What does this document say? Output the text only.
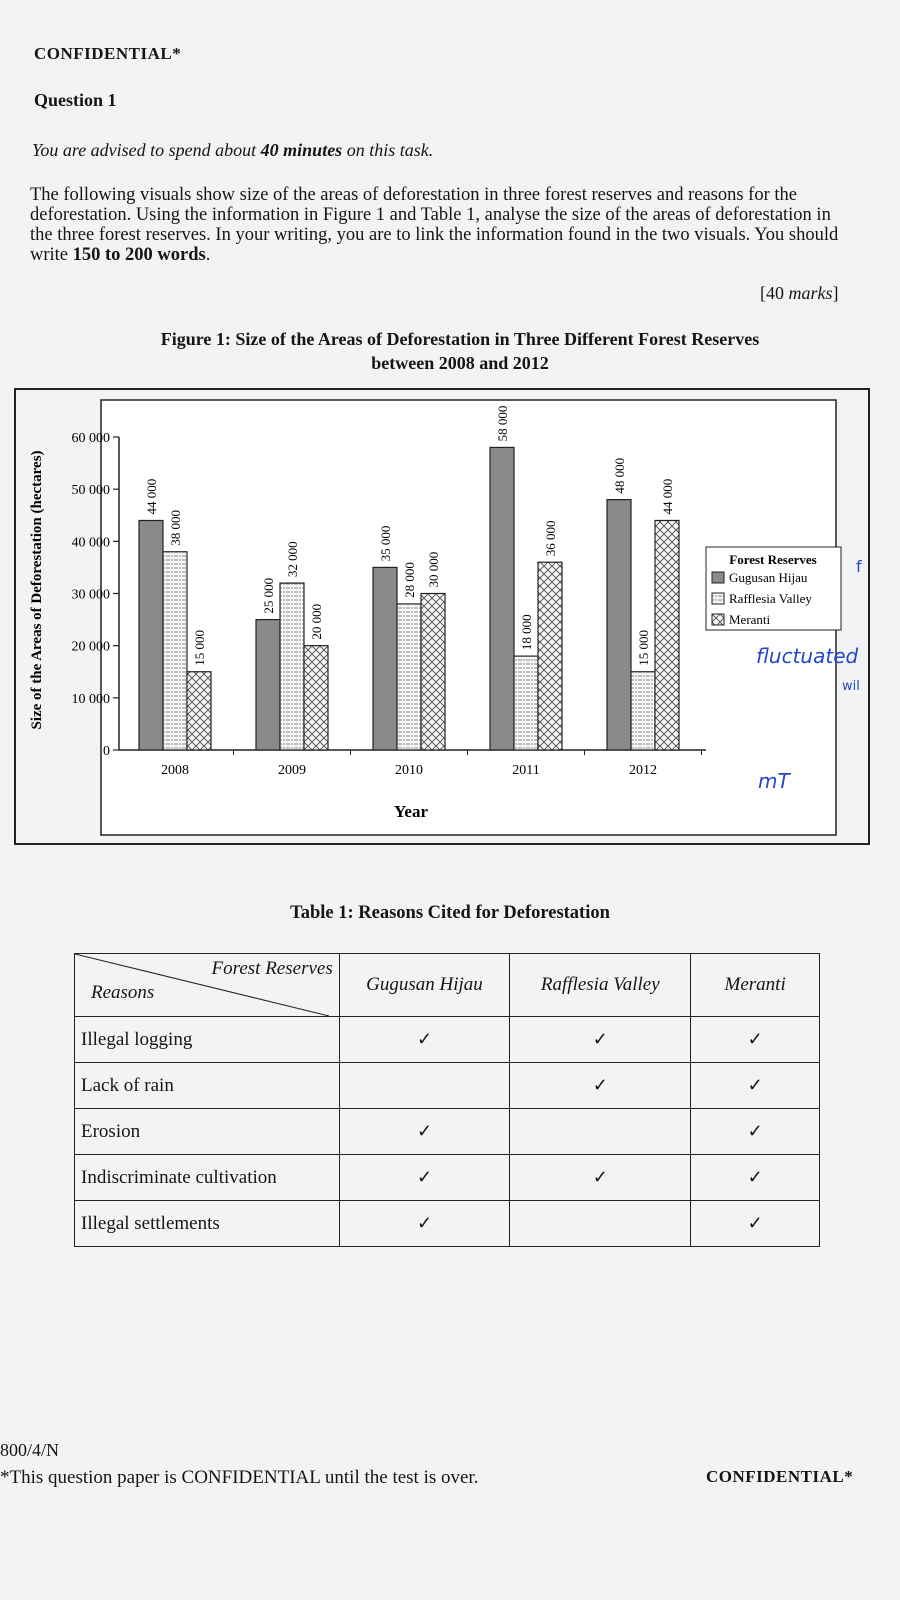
CONFIDENTIAL*
Question 1
You are advised to spend about 40 minutes on this task.
The following visuals show size of the areas of deforestation in three forest reserves and reasons for the deforestation. Using the information in Figure 1 and Table 1, analyse the size of the areas of deforestation in the three forest reserves. In your writing, you are to link the information found in the two visuals. You should write 150 to 200 words.
[40 marks]
Figure 1: Size of the Areas of Deforestation in Three Different Forest Reserves
between 2008 and 2012
0
10 000
20 000
30 000
40 000
50 000
60 000
44 000
38 000
15 000
2008
25 000
32 000
20 000
2009
35 000
28 000 30 000
2010
58 000
18 000
36 000
2011
48 000
15 000
44 000
2012
Size of the Areas of Deforestation (hectares)
Year
Forest Reserves
Gugusan Hijau
Rafflesia Valley
Meranti
fluctuated
f
wil
mT
Table 1: Reasons Cited for Deforestation
Forest Reserves
Reasons	Gugusan Hijau	Rafflesia Valley	Meranti
Illegal logging	✓	✓	✓
Lack of rain		✓	✓
Erosion	✓		✓
Indiscriminate cultivation	✓	✓	✓
Illegal settlements	✓		✓
800/4/N
*This question paper is CONFIDENTIAL until the test is over.	CONFIDENTIAL*
